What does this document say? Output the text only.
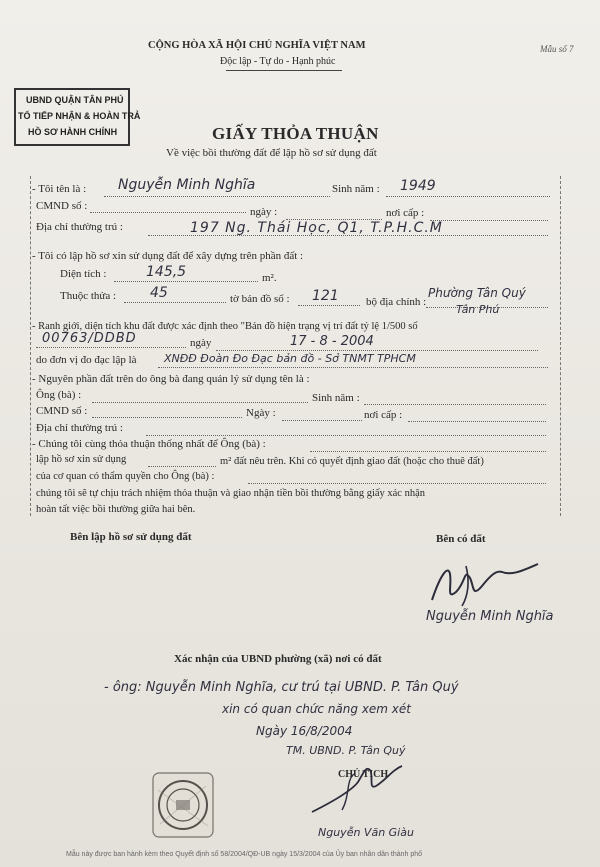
CỘNG HÒA XÃ HỘI CHỦ NGHĨA VIỆT NAM
Độc lập - Tự do - Hạnh phúc
Mẫu số 7
UBND QUẬN TÂN PHÚ
TỔ TIẾP NHẬN & HOÀN TRẢ
HỒ SƠ HÀNH CHÍNH	GIẤY THỎA THUẬN
Về việc bồi thường đất để lập hồ sơ sử dụng đất
- Tôi tên là : Nguyễn Minh Nghĩa	Sinh năm : 1949
CMND số :	ngày :	nơi cấp :
Địa chỉ thường trú :	197 Ng. Thái Học, Q1, T.P.H.C.M
- Tôi có lập hồ sơ xin sử dụng đất để xây dựng trên phần đất :
Diện tích :	145,5	m².
Thuộc thửa : 45	tờ bản đồ số : 121 bộ địa chính :
Phường Tân Quý
Tân Phú
- Ranh giới, diện tích khu đất được xác định theo "Bản đồ hiện trạng vị trí đất tỷ lệ 1/500 số
00763/DDBD	ngày	17 - 8 - 2004
do đơn vị đo đạc lập là XNĐĐ Đoàn Đo Đạc bản đồ - Sở TNMT TPHCM
- Nguyên phần đất trên do ông bà đang quản lý sử dụng tên là :
Ông (bà) :	Sinh năm :
CMND số :	Ngày :	nơi cấp :
Địa chỉ thường trú :
- Chúng tôi cùng thỏa thuận thống nhất để Ông (bà) :
lập hồ sơ xin sử dụng	m² đất nêu trên. Khi có quyết định giao đất (hoặc cho thuê đất)
của cơ quan có thẩm quyền cho Ông (bà) :
chúng tôi sẽ tự chịu trách nhiệm thỏa thuận và giao nhận tiền bồi thường bằng giấy xác nhận
hoàn tất việc bồi thường giữa hai bên.
Bên lập hồ sơ sử dụng đất	Bên có đất
Nguyễn Minh Nghĩa
Xác nhận của UBND phường (xã) nơi có đất
- ông: Nguyễn Minh Nghĩa, cư trú tại UBND. P. Tân Quý
xin có quan chức năng xem xét
Ngày 16/8/2004
TM. UBND. P. Tân Quý
CHỦ TỊCH
Nguyễn Văn Giàu
Mẫu này được ban hành kèm theo Quyết định số 58/2004/QĐ-UB ngày 15/3/2004 của Ủy ban nhân dân thành phố
